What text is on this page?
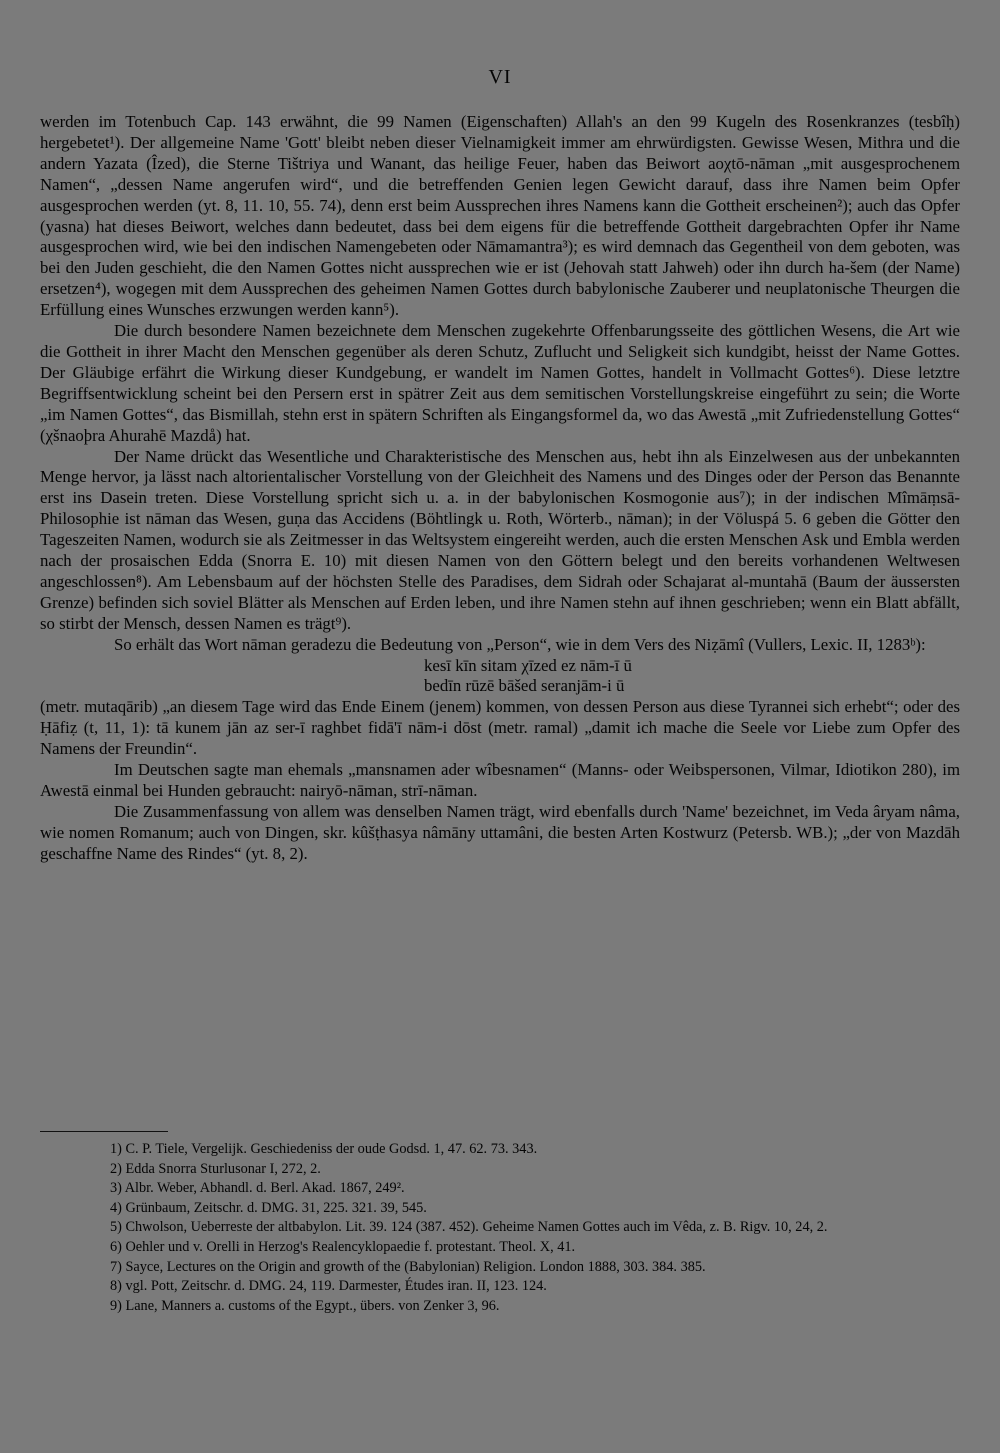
VI

werden im Totenbuch Cap. 143 erwähnt, die 99 Namen (Eigenschaften) Allah's an den 99 Kugeln des Rosenkranzes (tesbîḥ) hergebetet¹). Der allgemeine Name 'Gott' bleibt neben dieser Vielnamigkeit immer am ehrwürdigsten. Gewisse Wesen, Mithra und die andern Yazata (Îzed), die Sterne Tištriya und Wanant, das heilige Feuer, haben das Beiwort aoχtō-nāman „mit ausgesprochenem Namen“, „dessen Name angerufen wird“, und die betreffenden Genien legen Gewicht darauf, dass ihre Namen beim Opfer ausgesprochen werden (yt. 8, 11. 10, 55. 74), denn erst beim Aussprechen ihres Namens kann die Gottheit erscheinen²); auch das Opfer (yasna) hat dieses Beiwort, welches dann bedeutet, dass bei dem eigens für die betreffende Gottheit dargebrachten Opfer ihr Name ausgesprochen wird, wie bei den indischen Namengebeten oder Nāmamantra³); es wird demnach das Gegentheil von dem geboten, was bei den Juden geschieht, die den Namen Gottes nicht aussprechen wie er ist (Jehovah statt Jahweh) oder ihn durch ha-šem (der Name) ersetzen⁴), wogegen mit dem Aussprechen des geheimen Namen Gottes durch babylonische Zauberer und neuplatonische Theurgen die Erfüllung eines Wunsches erzwungen werden kann⁵).

Die durch besondere Namen bezeichnete dem Menschen zugekehrte Offenbarungsseite des göttlichen Wesens, die Art wie die Gottheit in ihrer Macht den Menschen gegenüber als deren Schutz, Zuflucht und Seligkeit sich kundgibt, heisst der Name Gottes. Der Gläubige erfährt die Wirkung dieser Kundgebung, er wandelt im Namen Gottes, handelt in Vollmacht Gottes⁶). Diese letztre Begriffsentwicklung scheint bei den Persern erst in spätrer Zeit aus dem semitischen Vorstellungskreise eingeführt zu sein; die Worte „im Namen Gottes“, das Bismillah, stehn erst in spätern Schriften als Eingangsformel da, wo das Awestā „mit Zufriedenstellung Gottes“ (χšnaoþra Ahurahē Mazdå) hat.

Der Name drückt das Wesentliche und Charakteristische des Menschen aus, hebt ihn als Einzelwesen aus der unbekannten Menge hervor, ja lässt nach altorientalischer Vorstellung von der Gleichheit des Namens und des Dinges oder der Person das Benannte erst ins Dasein treten. Diese Vorstellung spricht sich u. a. in der babylonischen Kosmogonie aus⁷); in der indischen Mîmāṃsā-Philosophie ist nāman das Wesen, guṇa das Accidens (Böhtlingk u. Roth, Wörterb., nāman); in der Völuspá 5. 6 geben die Götter den Tageszeiten Namen, wodurch sie als Zeitmesser in das Weltsystem eingereiht werden, auch die ersten Menschen Ask und Embla werden nach der prosaischen Edda (Snorra E. 10) mit diesen Namen von den Göttern belegt und den bereits vorhandenen Weltwesen angeschlossen⁸). Am Lebensbaum auf der höchsten Stelle des Paradises, dem Sidrah oder Schajarat al-muntahā (Baum der äussersten Grenze) befinden sich soviel Blätter als Menschen auf Erden leben, und ihre Namen stehn auf ihnen geschrieben; wenn ein Blatt abfällt, so stirbt der Mensch, dessen Namen es trägt⁹).

So erhält das Wort nāman geradezu die Bedeutung von „Person“, wie in dem Vers des Niẓāmî (Vullers, Lexic. II, 1283ᵇ):

kesī kīn sitam χīzed ez nām-ī ū

bedīn rūzē bāšed seranjām-i ū

(metr. mutaqārib) „an diesem Tage wird das Ende Einem (jenem) kommen, von dessen Person aus diese Tyrannei sich erhebt“; oder des Ḥāfiẓ (t, 11, 1): tā kunem jān az ser-ī raghbet fidā'ī nām-i dōst (metr. ramal) „damit ich mache die Seele vor Liebe zum Opfer des Namens der Freundin“.

Im Deutschen sagte man ehemals „mansnamen ader wîbesnamen“ (Manns- oder Weibspersonen, Vilmar, Idiotikon 280), im Awestā einmal bei Hunden gebraucht: nairyō-nāman, strī-nāman.

Die Zusammenfassung von allem was denselben Namen trägt, wird ebenfalls durch 'Name' bezeichnet, im Veda âryam nâma, wie nomen Romanum; auch von Dingen, skr. kûšṭhasya nâmāny uttamâni, die besten Arten Kostwurz (Petersb. WB.); „der von Mazdāh geschaffne Name des Rindes“ (yt. 8, 2).

1) C. P. Tiele, Vergelijk. Geschiedeniss der oude Godsd. 1, 47. 62. 73. 343.
2) Edda Snorra Sturlusonar I, 272, 2.
3) Albr. Weber, Abhandl. d. Berl. Akad. 1867, 249².
4) Grünbaum, Zeitschr. d. DMG. 31, 225. 321. 39, 545.
5) Chwolson, Ueberreste der altbabylon. Lit. 39. 124 (387. 452). Geheime Namen Gottes auch im Vêda, z. B. Rigv. 10, 24, 2.
6) Oehler und v. Orelli in Herzog's Realencyklopaedie f. protestant. Theol. X, 41.
7) Sayce, Lectures on the Origin and growth of the (Babylonian) Religion. London 1888, 303. 384. 385.
8) vgl. Pott, Zeitschr. d. DMG. 24, 119. Darmester, Études iran. II, 123. 124.
9) Lane, Manners a. customs of the Egypt., übers. von Zenker 3, 96.
